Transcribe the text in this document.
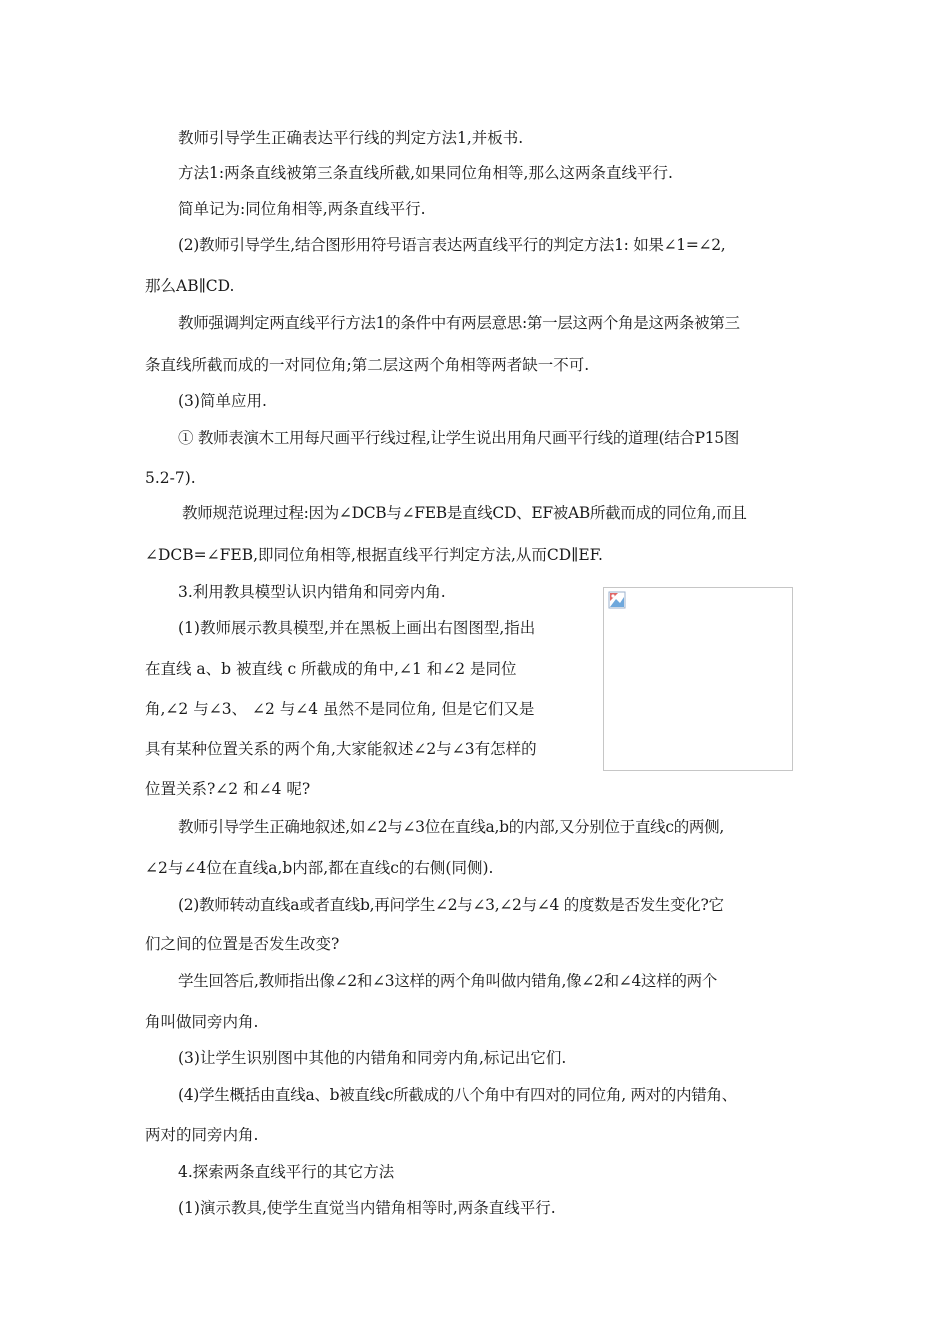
教师引导学生正确表达平行线的判定方法1,并板书.
方法1:两条直线被第三条直线所截,如果同位角相等,那么这两条直线平行.
简单记为:同位角相等,两条直线平行.
(2)教师引导学生,结合图形用符号语言表达两直线平行的判定方法1: 如果∠1=∠2,
那么AB∥CD.
教师强调判定两直线平行方法1的条件中有两层意思:第一层这两个角是这两条被第三
条直线所截而成的一对同位角;第二层这两个角相等两者缺一不可.
(3)简单应用.
① 教师表演木工用每尺画平行线过程,让学生说出用角尺画平行线的道理(结合P15图
5.2-7).
教师规范说理过程:因为∠DCB与∠FEB是直线CD、EF被AB所截而成的同位角,而且
∠DCB=∠FEB,即同位角相等,根据直线平行判定方法,从而CD∥EF.
3.利用教具模型认识内错角和同旁内角.
(1)教师展示教具模型,并在黑板上画出右图图型,指出
在直线 a、b 被直线 c 所截成的角中,∠1 和∠2 是同位
角,∠2 与∠3、 ∠2 与∠4 虽然不是同位角, 但是它们又是
具有某种位置关系的两个角,大家能叙述∠2与∠3有怎样的
位置关系?∠2 和∠4 呢?
教师引导学生正确地叙述,如∠2与∠3位在直线a,b的内部,又分别位于直线c的两侧,
∠2与∠4位在直线a,b内部,都在直线c的右侧(同侧).
(2)教师转动直线a或者直线b,再问学生∠2与∠3,∠2与∠4 的度数是否发生变化?它
们之间的位置是否发生改变?
学生回答后,教师指出像∠2和∠3这样的两个角叫做内错角,像∠2和∠4这样的两个
角叫做同旁内角.
(3)让学生识别图中其他的内错角和同旁内角,标记出它们.
(4)学生概括由直线a、b被直线c所截成的八个角中有四对的同位角, 两对的内错角、
两对的同旁内角.
4.探索两条直线平行的其它方法
(1)演示教具,使学生直觉当内错角相等时,两条直线平行.
